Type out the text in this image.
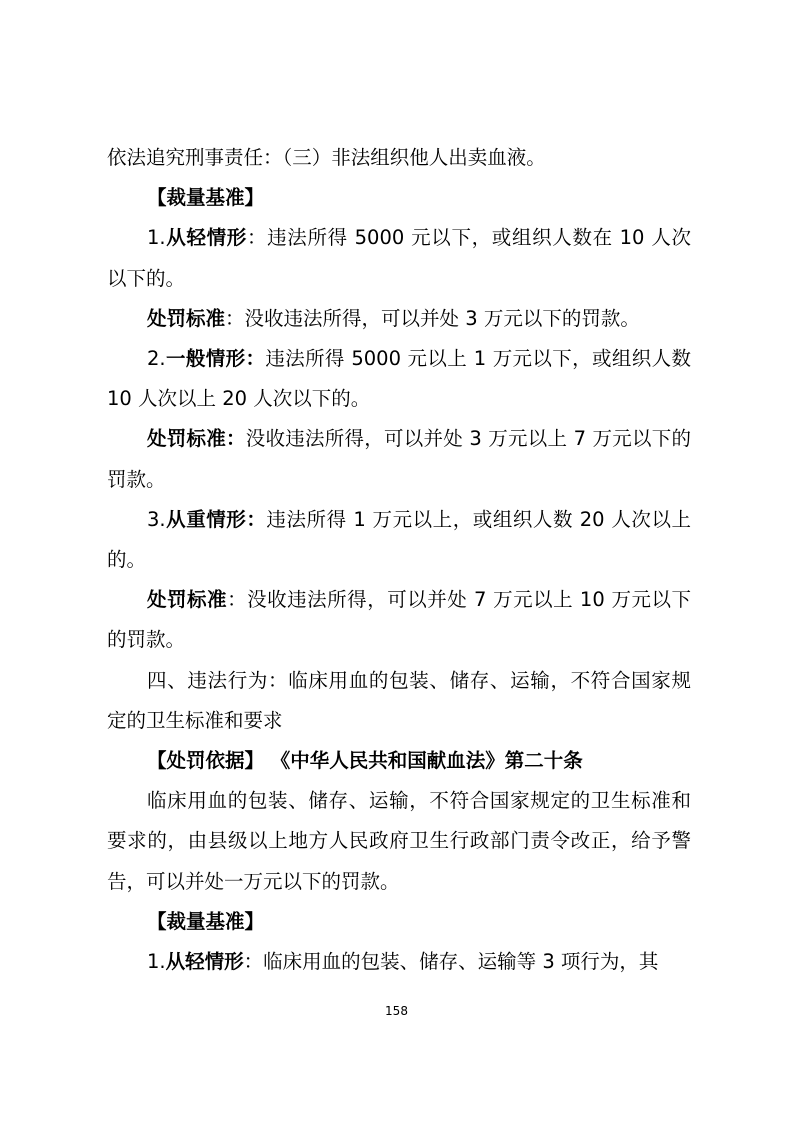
依法追究刑事责任：（三）非法组织他人出卖血液。

【裁量基准】

1.从轻情形：违法所得 5000 元以下，或组织人数在 10 人次以下的。

处罚标准：没收违法所得，可以并处 3 万元以下的罚款。

2.一般情形：违法所得 5000 元以上 1 万元以下，或组织人数 10 人次以上 20 人次以下的。

处罚标准：没收违法所得，可以并处 3 万元以上 7 万元以下的罚款。

3.从重情形：违法所得 1 万元以上，或组织人数 20 人次以上的。

处罚标准：没收违法所得，可以并处 7 万元以上 10 万元以下的罚款。

四、违法行为：临床用血的包装、储存、运输，不符合国家规定的卫生标准和要求

【处罚依据】 《中华人民共和国献血法》第二十条

临床用血的包装、储存、运输，不符合国家规定的卫生标准和要求的，由县级以上地方人民政府卫生行政部门责令改正，给予警告，可以并处一万元以下的罚款。

【裁量基准】

1.从轻情形：临床用血的包装、储存、运输等 3 项行为，其

158
